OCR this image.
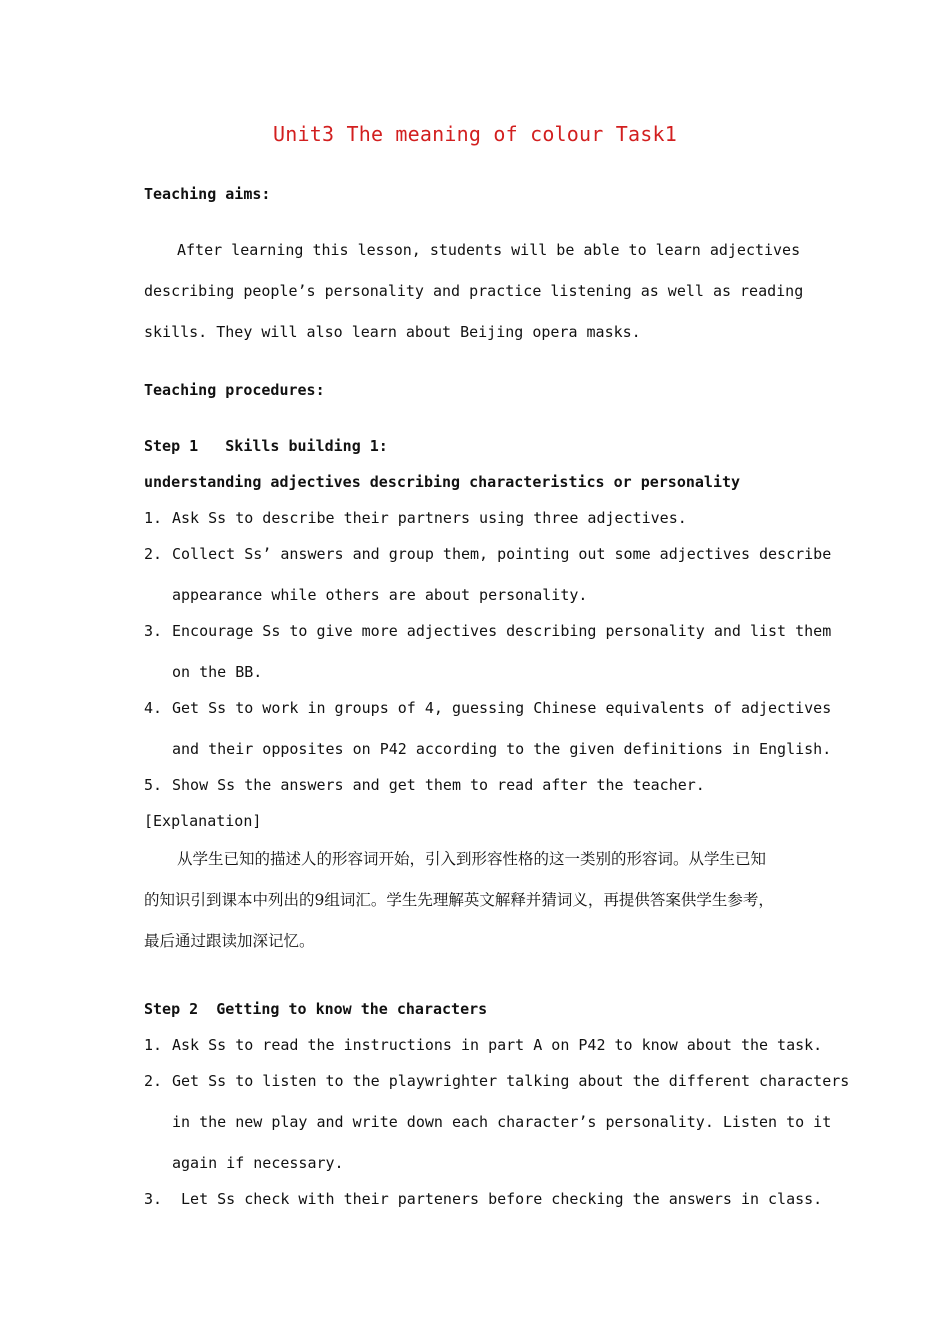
Unit3 The meaning of colour Task1
Teaching aims:
After learning this lesson, students will be able to learn adjectives
describing people’s personality and practice listening as well as reading
skills. They will also learn about Beijing opera masks.
Teaching procedures:
Step 1   Skills building 1:
understanding adjectives describing characteristics or personality
1. Ask Ss to describe their partners using three adjectives.
2. Collect Ss’ answers and group them, pointing out some adjectives describe
appearance while others are about personality.
3. Encourage Ss to give more adjectives describing personality and list them
on the BB.
4. Get Ss to work in groups of 4, guessing Chinese equivalents of adjectives
and their opposites on P42 according to the given definitions in English.
5. Show Ss the answers and get them to read after the teacher.
[Explanation]
从学生已知的描述人的形容词开始，引入到形容性格的这一类别的形容词。从学生已知
的知识引到课本中列出的9组词汇。学生先理解英文解释并猜词义，再提供答案供学生参考，
最后通过跟读加深记忆。
Step 2  Getting to know the characters
1. Ask Ss to read the instructions in part A on P42 to know about the task.
2. Get Ss to listen to the playwrighter talking about the different characters
in the new play and write down each character’s personality. Listen to it
again if necessary.
3. Let Ss check with their parteners before checking the answers in class.
